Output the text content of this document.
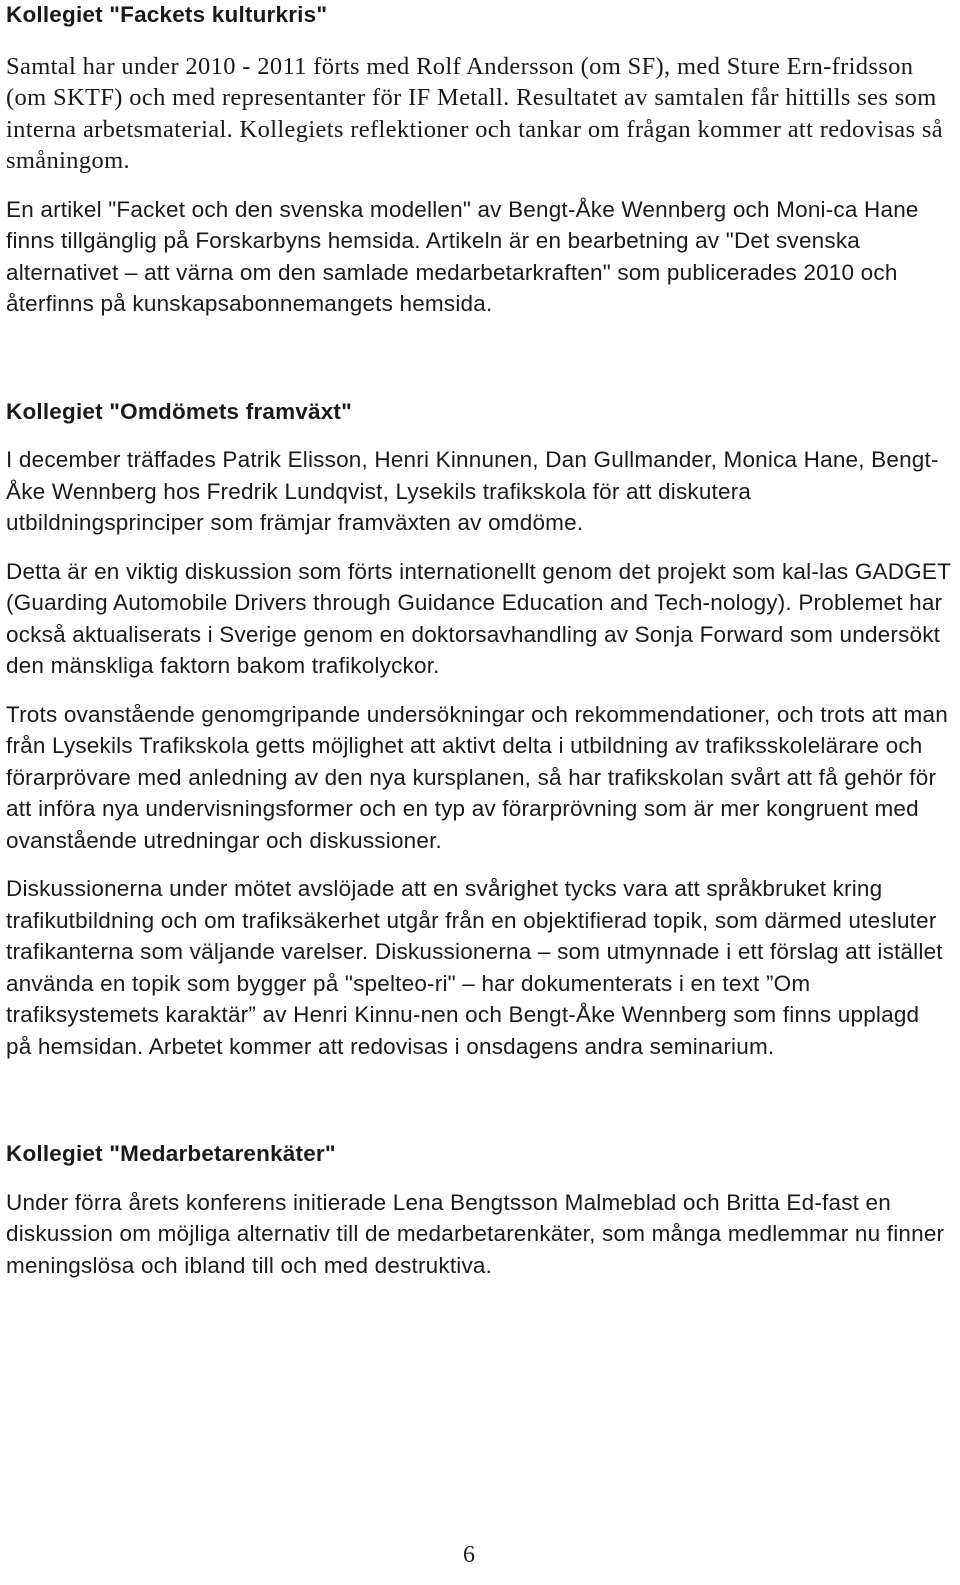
Kollegiet "Fackets kulturkris"

Samtal har under 2010 - 2011 förts med Rolf Andersson (om SF), med Sture Ern-fridsson (om SKTF) och med representanter för IF Metall. Resultatet av samtalen får hittills ses som interna arbetsmaterial. Kollegiets reflektioner och tankar om frågan kommer att redovisas så småningom.

En artikel "Facket och den svenska modellen" av Bengt-Åke Wennberg och Moni-ca Hane finns tillgänglig på Forskarbyns hemsida. Artikeln är en bearbetning av "Det svenska alternativet – att värna om den samlade medarbetarkraften" som publicerades 2010 och återfinns på kunskapsabonnemangets hemsida.

Kollegiet "Omdömets framväxt"

I december träffades Patrik Elisson, Henri Kinnunen, Dan Gullmander, Monica Hane, Bengt-Åke Wennberg hos Fredrik Lundqvist, Lysekils trafikskola för att diskutera utbildningsprinciper som främjar framväxten av omdöme.

Detta är en viktig diskussion som förts internationellt genom det projekt som kal-las GADGET (Guarding Automobile Drivers through Guidance Education and Tech-nology). Problemet har också aktualiserats i Sverige genom en doktorsavhandling av Sonja Forward som undersökt den mänskliga faktorn bakom trafikolyckor.

Trots ovanstående genomgripande undersökningar och rekommendationer, och trots att man från Lysekils Trafikskola getts möjlighet att aktivt delta i utbildning av trafiksskolelärare och förarprövare med anledning av den nya kursplanen, så har trafikskolan svårt att få gehör för att införa nya undervisningsformer och en typ av förarprövning som är mer kongruent med ovanstående utredningar och diskussioner.

Diskussionerna under mötet avslöjade att en svårighet tycks vara att språkbruket kring trafikutbildning och om trafiksäkerhet utgår från en objektifierad topik, som därmed utesluter trafikanterna som väljande varelser. Diskussionerna – som utmynnade i ett förslag att istället använda en topik som bygger på "spelteo-ri" – har dokumenterats i en text ”Om trafiksystemets karaktär” av Henri Kinnu-nen och Bengt-Åke Wennberg som finns upplagd på hemsidan. Arbetet kommer att redovisas i onsdagens andra seminarium.

Kollegiet "Medarbetarenkäter"

Under förra årets konferens initierade Lena Bengtsson Malmeblad och Britta Ed-fast en diskussion om möjliga alternativ till de medarbetarenkäter, som många medlemmar nu finner meningslösa och ibland till och med destruktiva.

6
